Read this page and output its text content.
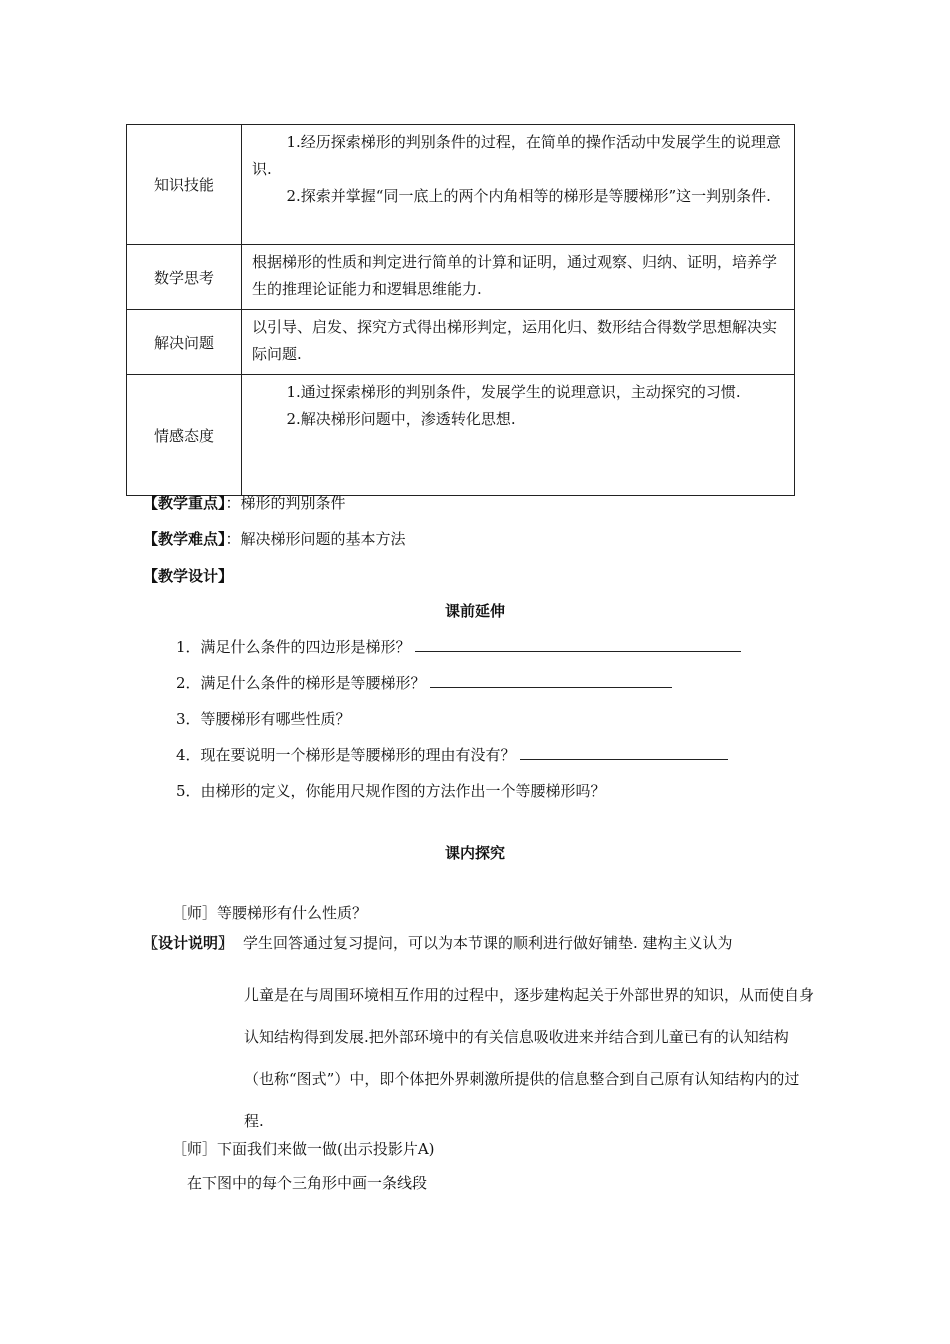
知识技能	1.经历探索梯形的判别条件的过程，在简单的操作活动中发展学生的说理意识.
2.探索并掌握“同一底上的两个内角相等的梯形是等腰梯形”这一判别条件.

数学思考	根据梯形的性质和判定进行简单的计算和证明，通过观察、归纳、证明，培养学生的推理论证能力和逻辑思维能力.

解决问题	以引导、启发、探究方式得出梯形判定，运用化归、数形结合得数学思想解决实际问题.

情感态度	1.通过探索梯形的判别条件，发展学生的说理意识，主动探究的习惯.
2.解决梯形问题中，渗透转化思想.
【教学重点】：梯形的判别条件
【教学难点】：解决梯形问题的基本方法
【教学设计】
课前延伸
1．满足什么条件的四边形是梯形？
2．满足什么条件的梯形是等腰梯形？
3．等腰梯形有哪些性质？
4．现在要说明一个梯形是等腰梯形的理由有没有？
5．由梯形的定义，你能用尺规作图的方法作出一个等腰梯形吗？
课内探究
［师］等腰梯形有什么性质？
〖设计说明〗 学生回答通过复习提问，可以为本节课的顺利进行做好铺垫. 建构主义认为
儿童是在与周围环境相互作用的过程中，逐步建构起关于外部世界的知识，从而使自身认知结构得到发展.把外部环境中的有关信息吸收进来并结合到儿童已有的认知结构（也称“图式”）中，即个体把外界刺激所提供的信息整合到自己原有认知结构内的过程.
［师］下面我们来做一做(出示投影片A)
在下图中的每个三角形中画一条线段
